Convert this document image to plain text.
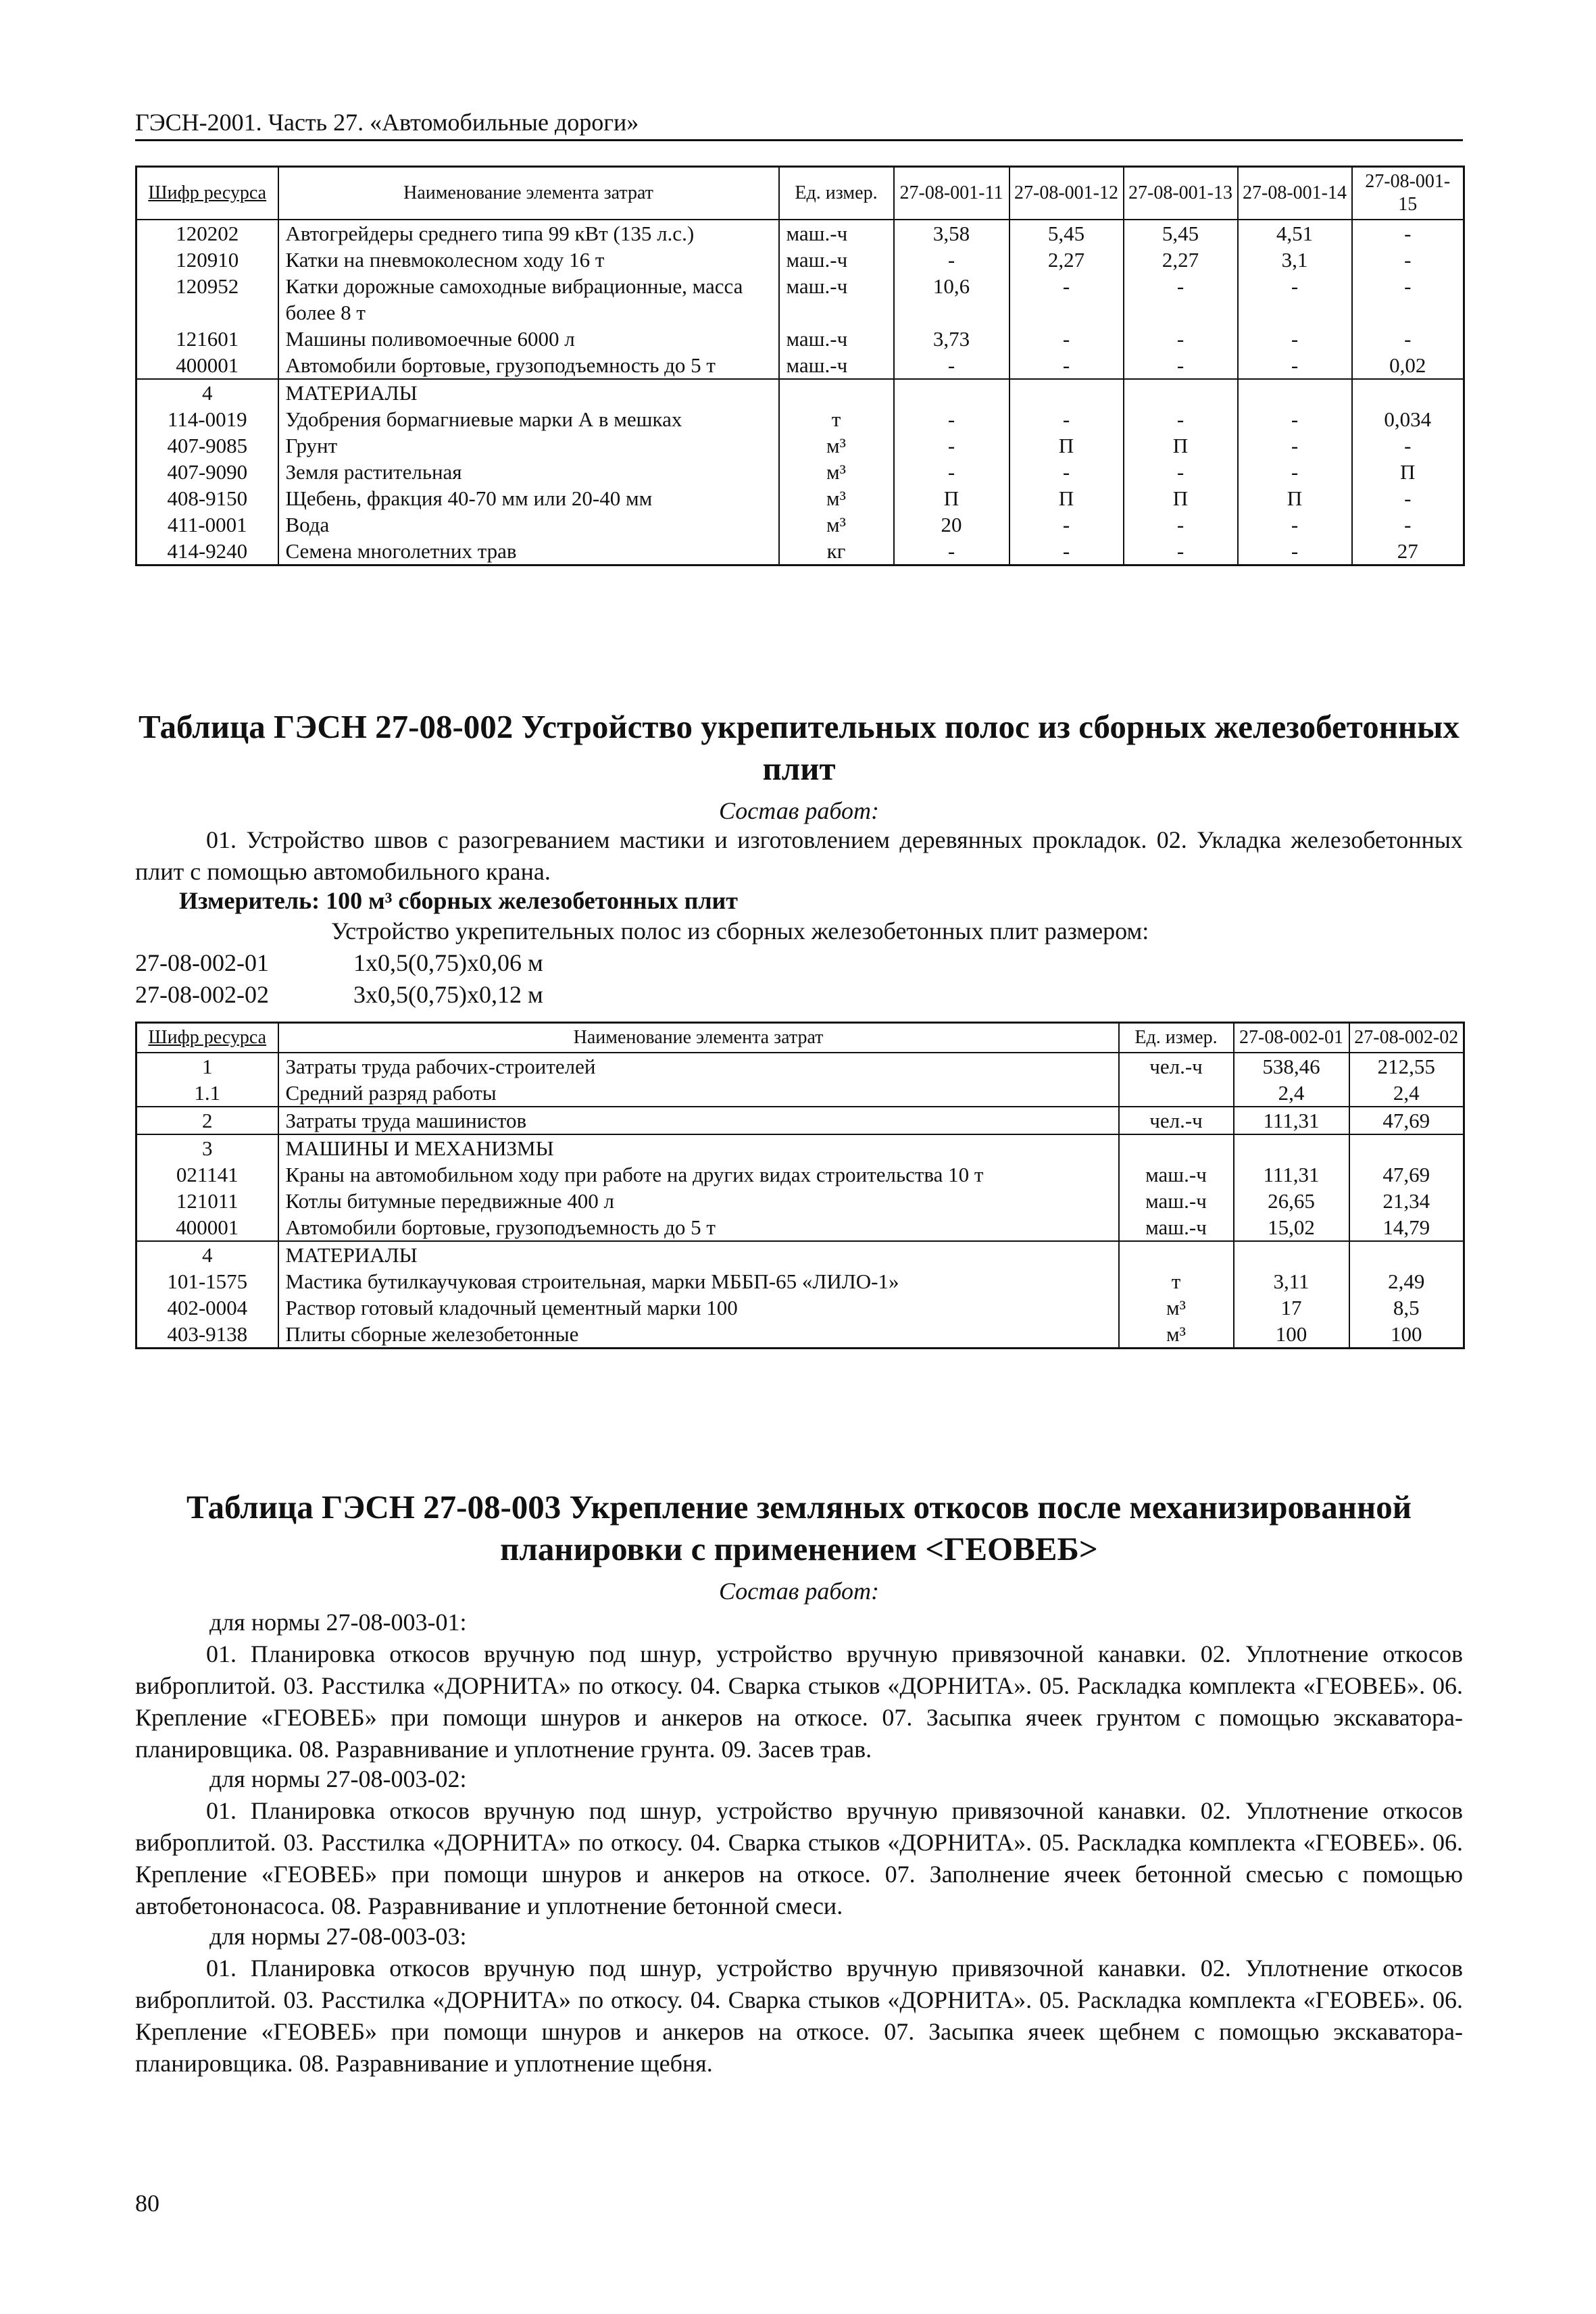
ГЭСН-2001. Часть 27. «Автомобильные дороги»
Шифр ресурса	Наименование элемента затрат	Ед. измер.	27-08-001-11	27-08-001-12	27-08-001-13	27-08-001-14	27-08-001-15
120202	Автогрейдеры среднего типа 99 кВт (135 л.с.)	маш.-ч	3,58	5,45	5,45	4,51	-
120910	Катки на пневмоколесном ходу 16 т	маш.-ч	-	2,27	2,27	3,1	-
120952	Катки дорожные самоходные вибрационные, масса более 8 т	маш.-ч	10,6	-	-	-	-
121601	Машины поливомоечные 6000 л	маш.-ч	3,73	-	-	-	-
400001	Автомобили бортовые, грузоподъемность до 5 т	маш.-ч	-	-	-	-	0,02
4	МАТЕРИАЛЫ						
114-0019	Удобрения бормагниевые марки А в мешках	т	-	-	-	-	0,034
407-9085	Грунт	м³	-	П	П	-	-
407-9090	Земля растительная	м³	-	-	-	-	П
408-9150	Щебень, фракция 40-70 мм или 20-40 мм	м³	П	П	П	П	-
411-0001	Вода	м³	20	-	-	-	-
414-9240	Семена многолетних трав	кг	-	-	-	-	27
Таблица ГЭСН 27-08-002 Устройство укрепительных полос из сборных железобетонных плит
Состав работ:
01. Устройство швов с разогреванием мастики и изготовлением деревянных прокладок. 02. Укладка железобетонных плит с помощью автомобильного крана.
Измеритель: 100 м³ сборных железобетонных плит
Устройство укрепительных полос из сборных железобетонных плит размером:
27-08-002-01	1х0,5(0,75)х0,06 м
27-08-002-02	3х0,5(0,75)х0,12 м
Шифр ресурса	Наименование элемента затрат	Ед. измер.	27-08-002-01	27-08-002-02
1	Затраты труда рабочих-строителей	чел.-ч	538,46	212,55
1.1	Средний разряд работы		2,4	2,4
2	Затраты труда машинистов	чел.-ч	111,31	47,69
3	МАШИНЫ И МЕХАНИЗМЫ			
021141	Краны на автомобильном ходу при работе на других видах строительства 10 т	маш.-ч	111,31	47,69
121011	Котлы битумные передвижные 400 л	маш.-ч	26,65	21,34
400001	Автомобили бортовые, грузоподъемность до 5 т	маш.-ч	15,02	14,79
4	МАТЕРИАЛЫ			
101-1575	Мастика бутилкаучуковая строительная, марки МББП-65 «ЛИЛО-1»	т	3,11	2,49
402-0004	Раствор готовый кладочный цементный марки 100	м³	17	8,5
403-9138	Плиты сборные железобетонные	м³	100	100
Таблица ГЭСН 27-08-003 Укрепление земляных откосов после механизированной планировки с применением <ГЕОВЕБ>
Состав работ:
для нормы 27-08-003-01:
01. Планировка откосов вручную под шнур, устройство вручную привязочной канавки. 02. Уплотнение откосов виброплитой. 03. Расстилка «ДОРНИТА» по откосу. 04. Сварка стыков «ДОРНИТА». 05. Раскладка комплекта «ГЕОВЕБ». 06. Крепление «ГЕОВЕБ» при помощи шнуров и анкеров на откосе. 07. Засыпка ячеек грунтом с помощью экскаватора-планировщика. 08. Разравнивание и уплотнение грунта. 09. Засев трав.
для нормы 27-08-003-02:
01. Планировка откосов вручную под шнур, устройство вручную привязочной канавки. 02. Уплотнение откосов виброплитой. 03. Расстилка «ДОРНИТА» по откосу. 04. Сварка стыков «ДОРНИТА». 05. Раскладка комплекта «ГЕОВЕБ». 06. Крепление «ГЕОВЕБ» при помощи шнуров и анкеров на откосе. 07. Заполнение ячеек бетонной смесью с помощью автобетононасоса. 08. Разравнивание и уплотнение бетонной смеси.
для нормы 27-08-003-03:
01. Планировка откосов вручную под шнур, устройство вручную привязочной канавки. 02. Уплотнение откосов виброплитой. 03. Расстилка «ДОРНИТА» по откосу. 04. Сварка стыков «ДОРНИТА». 05. Раскладка комплекта «ГЕОВЕБ». 06. Крепление «ГЕОВЕБ» при помощи шнуров и анкеров на откосе. 07. Засыпка ячеек щебнем с помощью экскаватора-планировщика. 08. Разравнивание и уплотнение щебня.
80
